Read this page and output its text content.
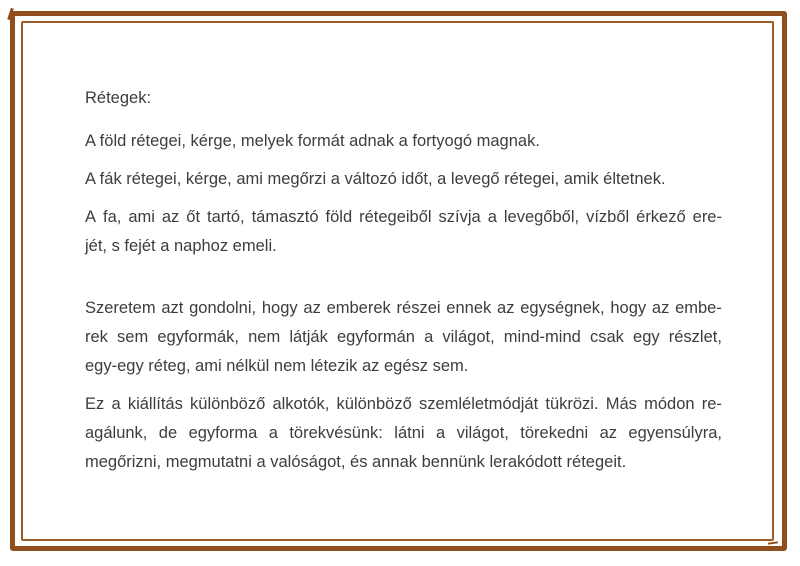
Rétegek:
A föld rétegei, kérge, melyek formát adnak a fortyogó magnak.
A fák rétegei, kérge, ami megőrzi a változó időt, a levegő rétegei, amik éltetnek.
A fa, ami az őt tartó, támasztó föld rétegeiből szívja a levegőből, vízből érkező ere-
jét, s fejét a naphoz emeli.
Szeretem azt gondolni, hogy az emberek részei ennek az egységnek, hogy az embe-
rek sem egyformák, nem látják egyformán a világot, mind-mind csak egy részlet,
egy-egy réteg, ami nélkül nem létezik az egész sem.
Ez a kiállítás különböző alkotók, különböző szemléletmódját tükrözi. Más módon re-
agálunk, de egyforma a törekvésünk: látni a világot, törekedni az egyensúlyra,
megőrizni, megmutatni a valóságot, és annak bennünk lerakódott rétegeit.
